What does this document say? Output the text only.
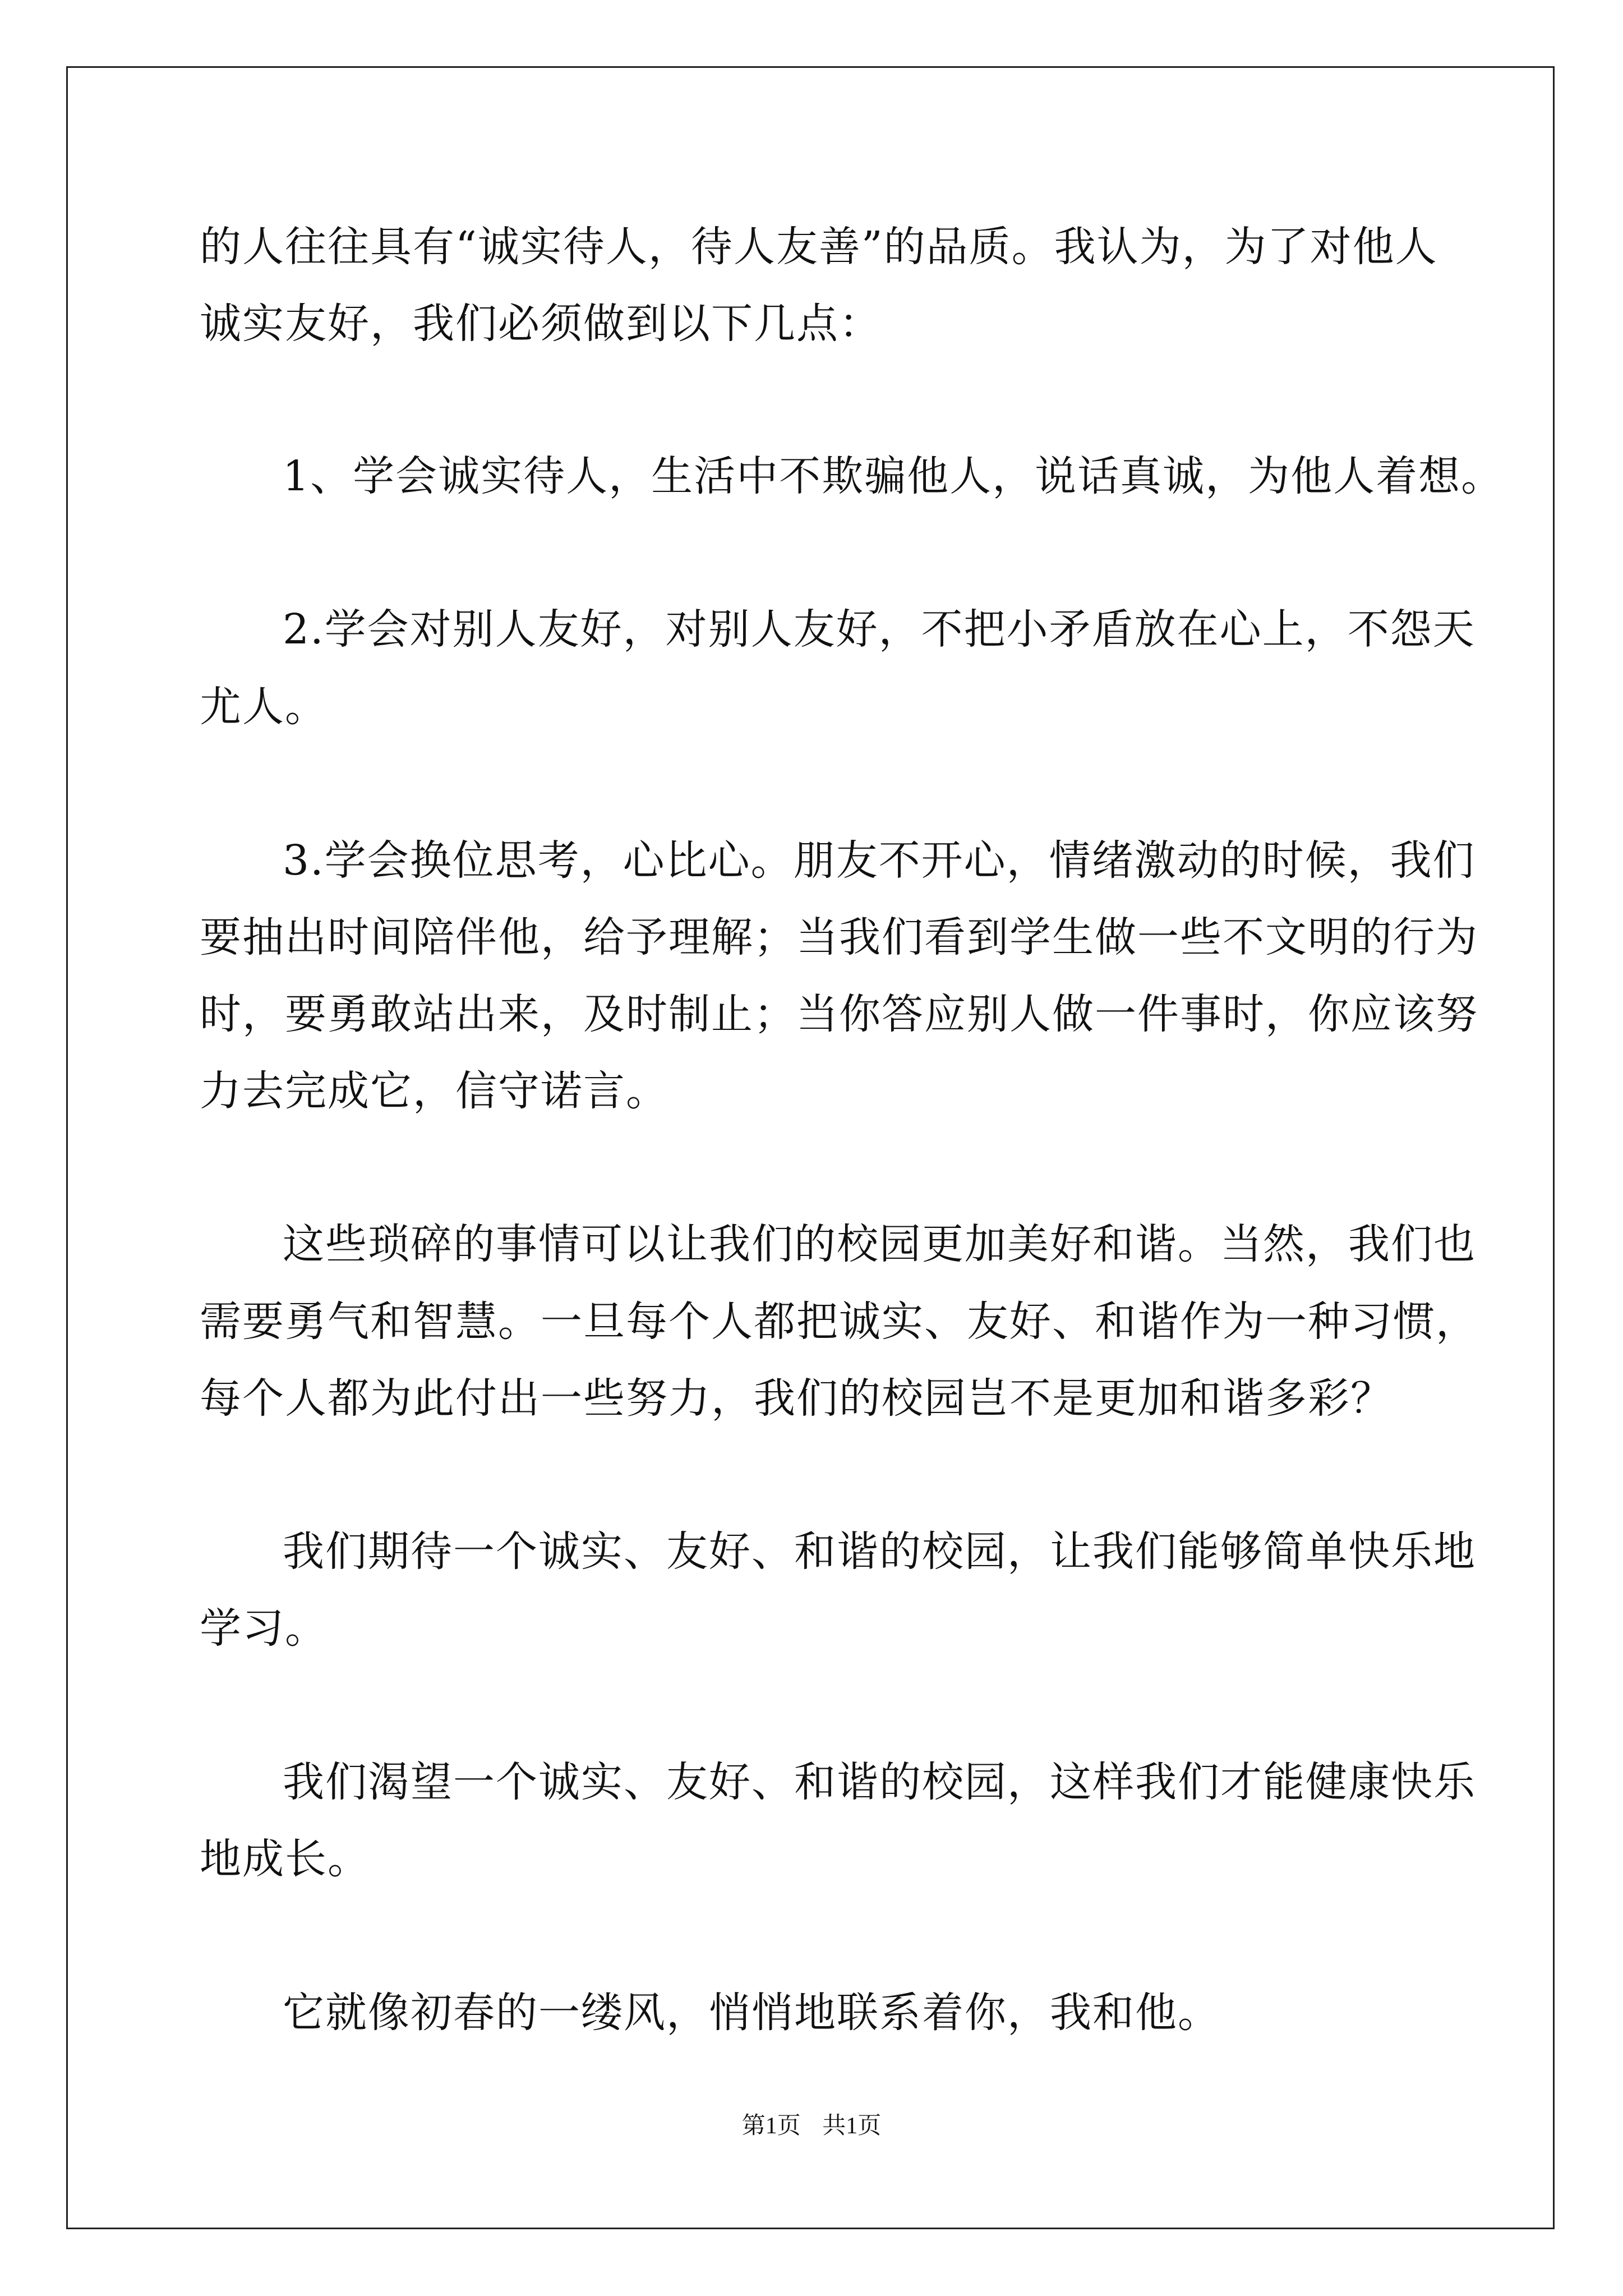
的人往往具有“诚实待人，待人友善”的品质。我认为，为了对他人
诚实友好，我们必须做到以下几点：
1、学会诚实待人，生活中不欺骗他人，说话真诚，为他人着想。
2.学会对别人友好，对别人友好，不把小矛盾放在心上，不怨天
尤人。
3.学会换位思考，心比心。朋友不开心，情绪激动的时候，我们
要抽出时间陪伴他，给予理解；当我们看到学生做一些不文明的行为
时，要勇敢站出来，及时制止；当你答应别人做一件事时，你应该努
力去完成它，信守诺言。
这些琐碎的事情可以让我们的校园更加美好和谐。当然，我们也
需要勇气和智慧。一旦每个人都把诚实、友好、和谐作为一种习惯，
每个人都为此付出一些努力，我们的校园岂不是更加和谐多彩？
我们期待一个诚实、友好、和谐的校园，让我们能够简单快乐地
学习。
我们渴望一个诚实、友好、和谐的校园，这样我们才能健康快乐
地成长。
它就像初春的一缕风，悄悄地联系着你，我和他。
第1页 共1页
